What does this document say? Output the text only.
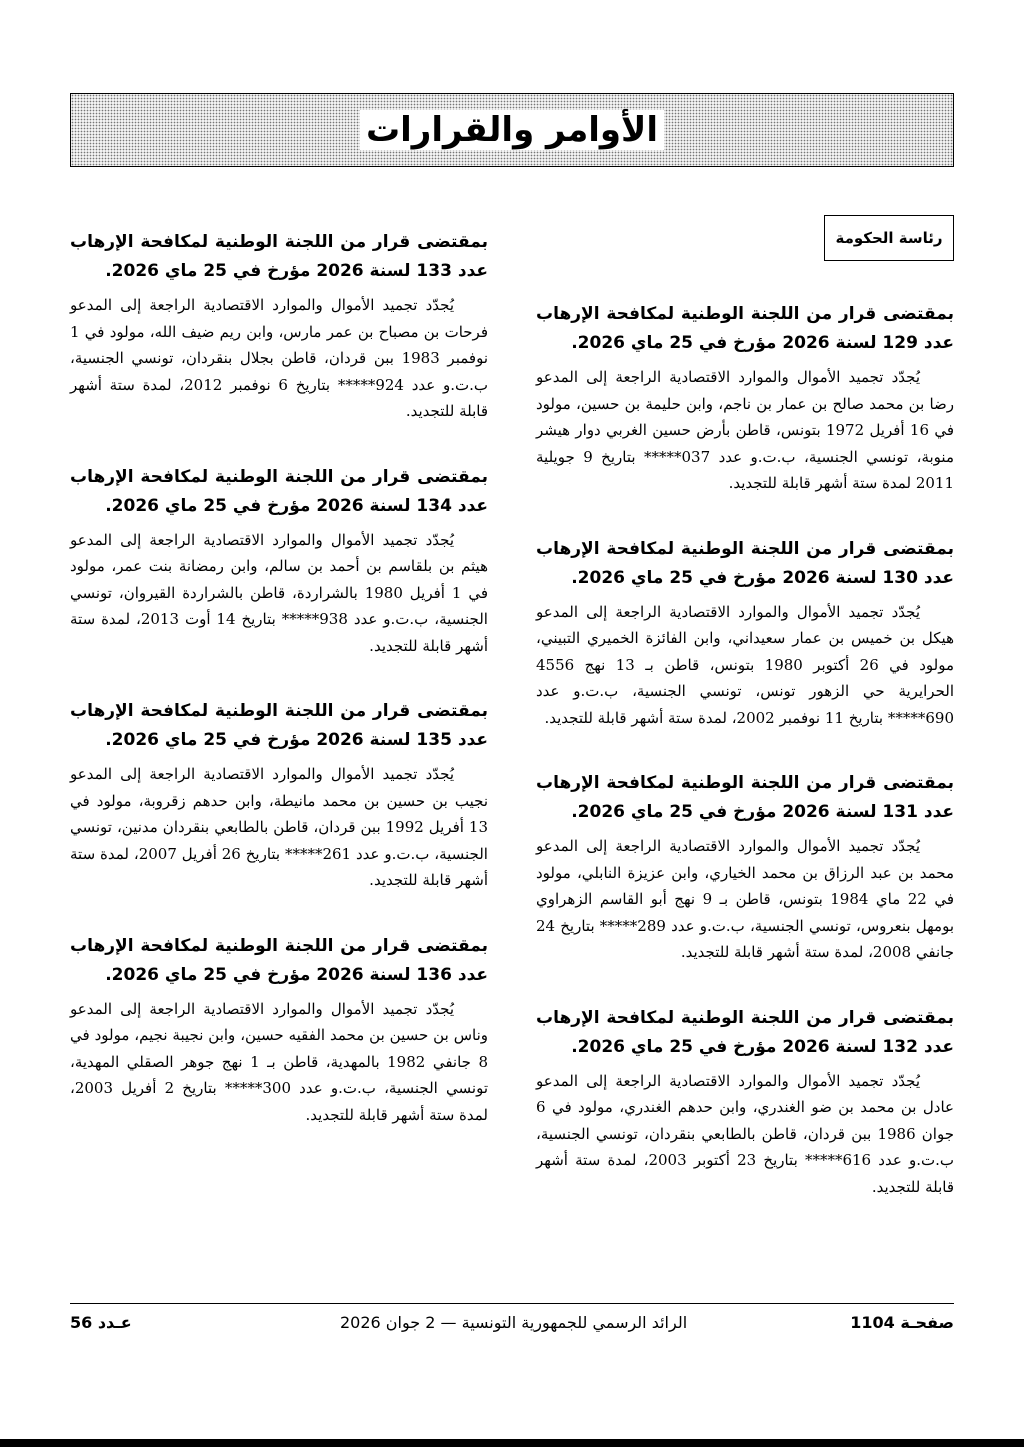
الأوامر والقرارات
رئاسة الحكومة
بمقتضى قرار من اللجنة الوطنية لمكافحة الإرهاب عدد 129 لسنة 2026 مؤرخ في 25 ماي 2026.
يُجدّد تجميد الأموال والموارد الاقتصادية الراجعة إلى المدعو رضا بن محمد صالح بن عمار بن ناجم، وابن حليمة بن حسين، مولود في 16 أفريل 1972 بتونس، قاطن بأرض حسين الغربي دوار هيشر منوبة، تونسي الجنسية، ب.ت.و عدد 037***** بتاريخ 9 جويلية 2011 لمدة ستة أشهر قابلة للتجديد.
بمقتضى قرار من اللجنة الوطنية لمكافحة الإرهاب عدد 130 لسنة 2026 مؤرخ في 25 ماي 2026.
يُجدّد تجميد الأموال والموارد الاقتصادية الراجعة إلى المدعو هيكل بن خميس بن عمار سعيداني، وابن الفائزة الخميري التبيني، مولود في 26 أكتوبر 1980 بتونس، قاطن بـ 13 نهج 4556 الحرايرية حي الزهور تونس، تونسي الجنسية، ب.ت.و عدد 690***** بتاريخ 11 نوفمبر 2002، لمدة ستة أشهر قابلة للتجديد.
بمقتضى قرار من اللجنة الوطنية لمكافحة الإرهاب عدد 131 لسنة 2026 مؤرخ في 25 ماي 2026.
يُجدّد تجميد الأموال والموارد الاقتصادية الراجعة إلى المدعو محمد بن عبد الرزاق بن محمد الخياري، وابن عزيزة النابلي، مولود في 22 ماي 1984 بتونس، قاطن بـ 9 نهج أبو القاسم الزهراوي بومهل بنعروس، تونسي الجنسية، ب.ت.و عدد 289***** بتاريخ 24 جانفي 2008، لمدة ستة أشهر قابلة للتجديد.
بمقتضى قرار من اللجنة الوطنية لمكافحة الإرهاب عدد 132 لسنة 2026 مؤرخ في 25 ماي 2026.
يُجدّد تجميد الأموال والموارد الاقتصادية الراجعة إلى المدعو عادل بن محمد بن ضو الغندري، وابن حدهم الغندري، مولود في 6 جوان 1986 ببن قردان، قاطن بالطابعي بنقردان، تونسي الجنسية، ب.ت.و عدد 616***** بتاريخ 23 أكتوبر 2003، لمدة ستة أشهر قابلة للتجديد.
بمقتضى قرار من اللجنة الوطنية لمكافحة الإرهاب عدد 133 لسنة 2026 مؤرخ في 25 ماي 2026.
يُجدّد تجميد الأموال والموارد الاقتصادية الراجعة إلى المدعو فرحات بن مصباح بن عمر مارس، وابن ريم ضيف الله، مولود في 1 نوفمبر 1983 ببن قردان، قاطن بجلال بنقردان، تونسي الجنسية، ب.ت.و عدد 924***** بتاريخ 6 نوفمبر 2012، لمدة ستة أشهر قابلة للتجديد.
بمقتضى قرار من اللجنة الوطنية لمكافحة الإرهاب عدد 134 لسنة 2026 مؤرخ في 25 ماي 2026.
يُجدّد تجميد الأموال والموارد الاقتصادية الراجعة إلى المدعو هيثم بن بلقاسم بن أحمد بن سالم، وابن رمضانة بنت عمر، مولود في 1 أفريل 1980 بالشراردة، قاطن بالشراردة القيروان، تونسي الجنسية، ب.ت.و عدد 938***** بتاريخ 14 أوت 2013، لمدة ستة أشهر قابلة للتجديد.
بمقتضى قرار من اللجنة الوطنية لمكافحة الإرهاب عدد 135 لسنة 2026 مؤرخ في 25 ماي 2026.
يُجدّد تجميد الأموال والموارد الاقتصادية الراجعة إلى المدعو نجيب بن حسين بن محمد مانيطة، وابن حدهم زقروبة، مولود في 13 أفريل 1992 ببن قردان، قاطن بالطابعي بنقردان مدنين، تونسي الجنسية، ب.ت.و عدد 261***** بتاريخ 26 أفريل 2007، لمدة ستة أشهر قابلة للتجديد.
بمقتضى قرار من اللجنة الوطنية لمكافحة الإرهاب عدد 136 لسنة 2026 مؤرخ في 25 ماي 2026.
يُجدّد تجميد الأموال والموارد الاقتصادية الراجعة إلى المدعو وناس بن حسين بن محمد الفقيه حسين، وابن نجيبة نجيم، مولود في 8 جانفي 1982 بالمهدية، قاطن بـ 1 نهج جوهر الصقلي المهدية، تونسي الجنسية، ب.ت.و عدد 300***** بتاريخ 2 أفريل 2003، لمدة ستة أشهر قابلة للتجديد.
صفحـة 1104
الرائد الرسمي للجمهورية التونسية — 2 جوان 2026
عـدد 56
